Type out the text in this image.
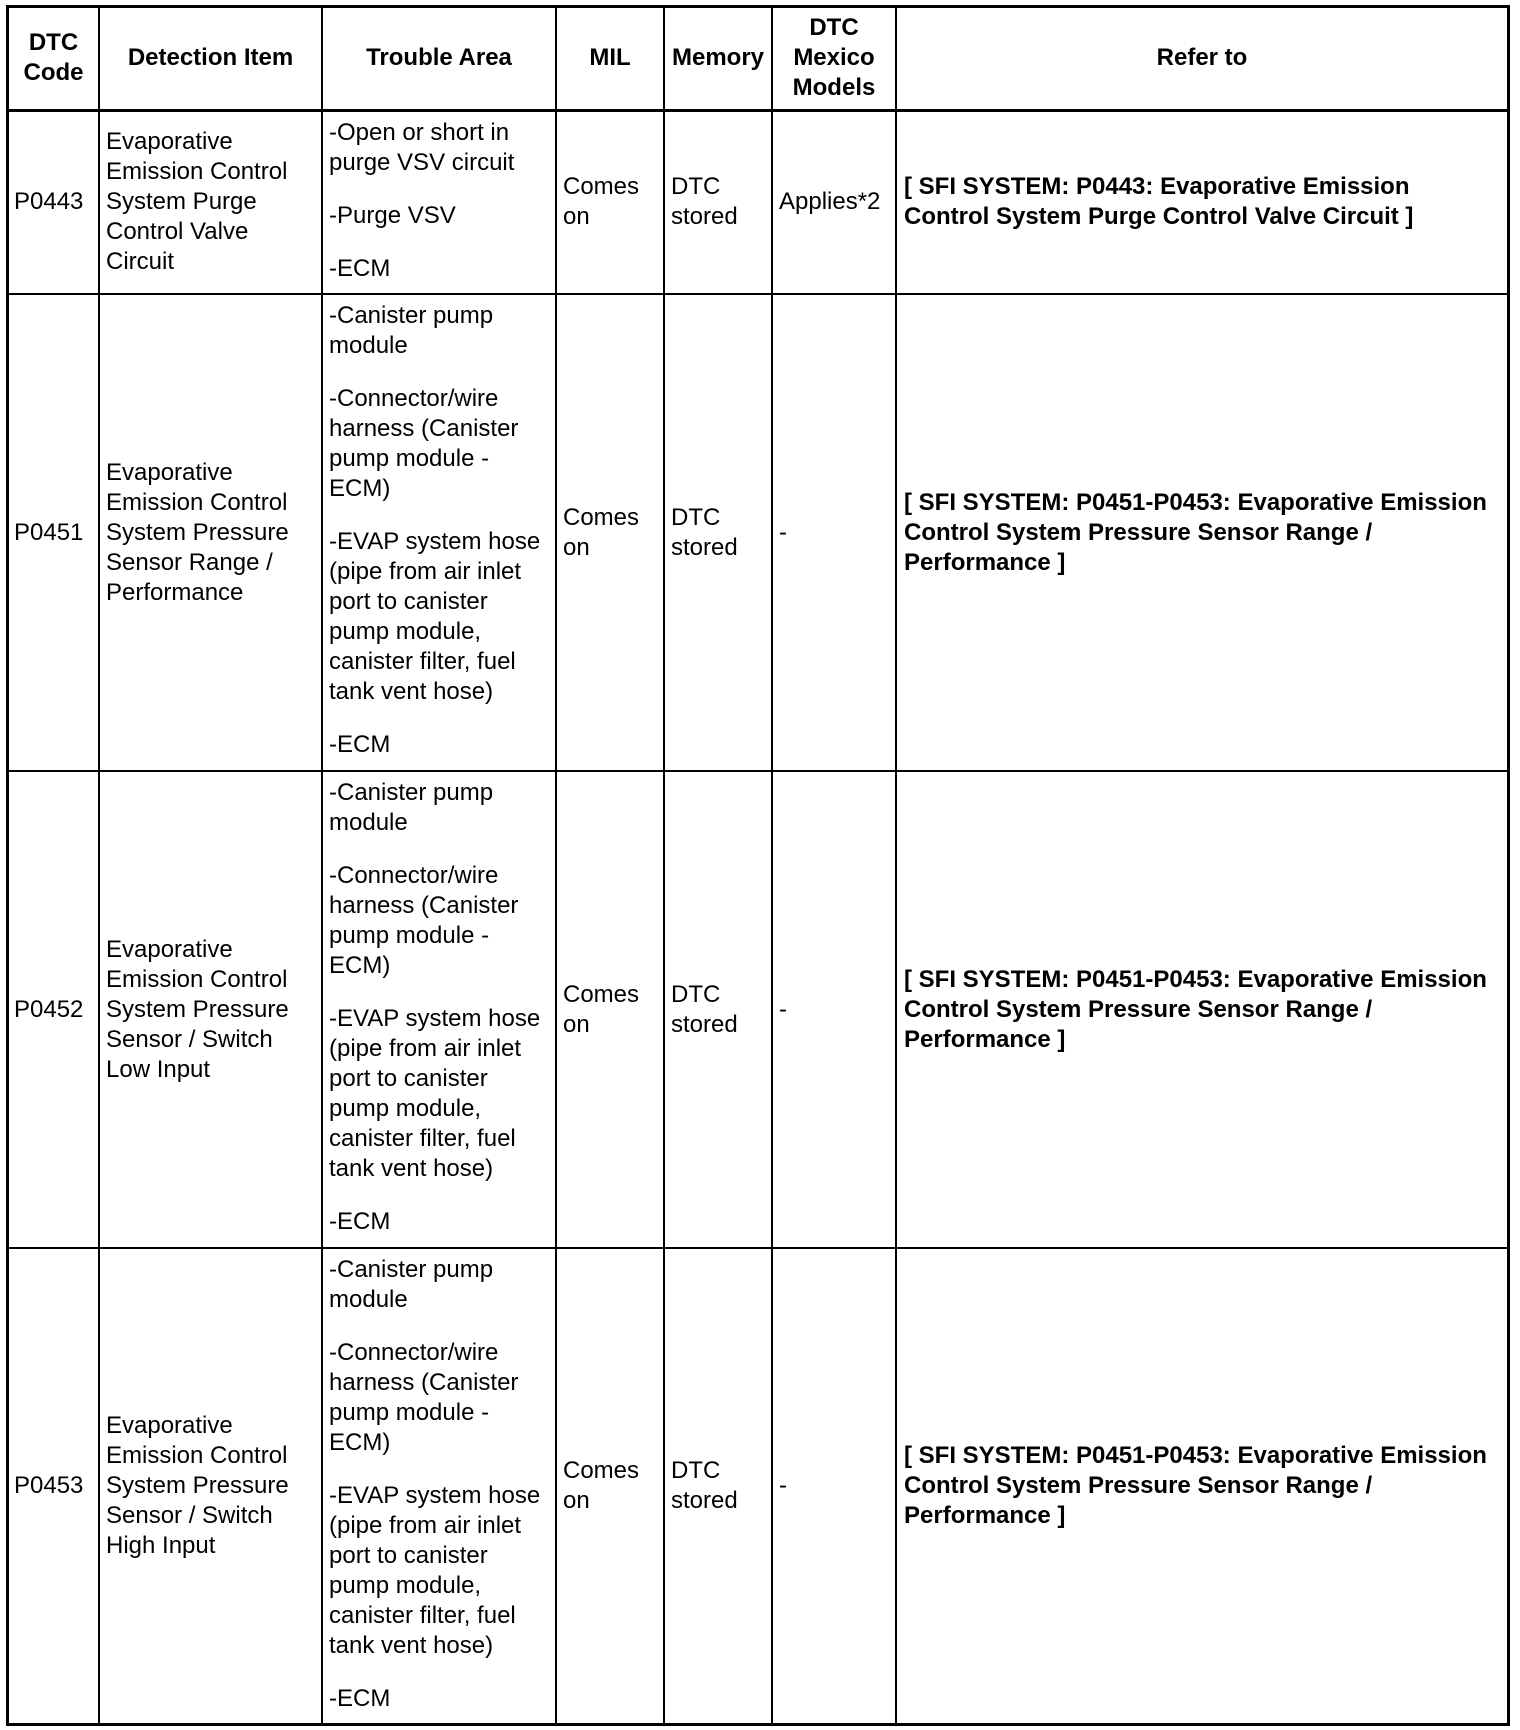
DTC Code	Detection Item	Trouble Area	MIL	Memory	DTC Mexico Models	Refer to
P0443	Evaporative Emission Control System Purge Control Valve Circuit	-Open or short in purge VSV circuit
-Purge VSV
-ECM	Comes on	DTC stored	Applies*2	[ SFI SYSTEM: P0443: Evaporative Emission Control System Purge Control Valve Circuit ]
P0451	Evaporative Emission Control System Pressure Sensor Range / Performance	-Canister pump module
-Connector/wire harness (Canister pump module - ECM)
-EVAP system hose (pipe from air inlet port to canister pump module, canister filter, fuel tank vent hose)
-ECM	Comes on	DTC stored	-	[ SFI SYSTEM: P0451-P0453: Evaporative Emission Control System Pressure Sensor Range / Performance ]
P0452	Evaporative Emission Control System Pressure Sensor / Switch Low Input	-Canister pump module
-Connector/wire harness (Canister pump module - ECM)
-EVAP system hose (pipe from air inlet port to canister pump module, canister filter, fuel tank vent hose)
-ECM	Comes on	DTC stored	-	[ SFI SYSTEM: P0451-P0453: Evaporative Emission Control System Pressure Sensor Range / Performance ]
P0453	Evaporative Emission Control System Pressure Sensor / Switch High Input	-Canister pump module
-Connector/wire harness (Canister pump module - ECM)
-EVAP system hose (pipe from air inlet port to canister pump module, canister filter, fuel tank vent hose)
-ECM	Comes on	DTC stored	-	[ SFI SYSTEM: P0451-P0453: Evaporative Emission Control System Pressure Sensor Range / Performance ]
